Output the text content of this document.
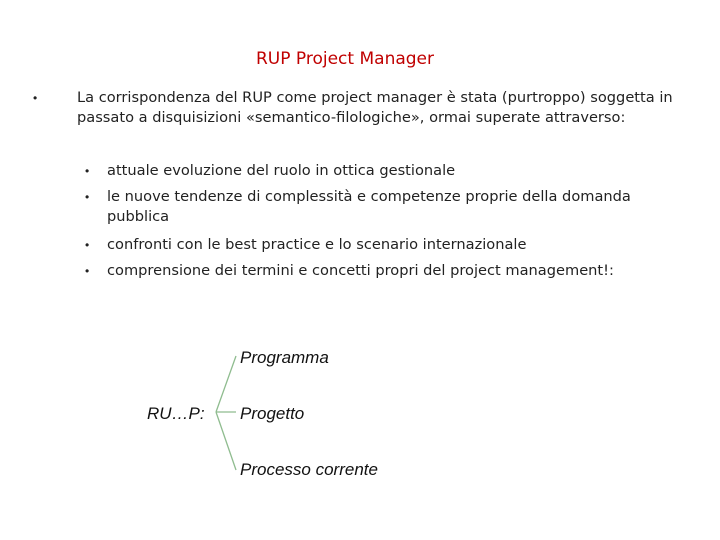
RUP Project Manager
•	La corrispondenza del RUP come project manager è stata (purtroppo) soggetta in passato a disquisizioni «semantico-filologiche», ormai superate attraverso:
• attuale evoluzione del ruolo in ottica gestionale
• le nuove tendenze di complessità e competenze proprie della domanda pubblica
• confronti con le best practice e lo scenario internazionale
• comprensione dei termini e concetti propri del project management!:
RU…P:
Programma
Progetto
Processo corrente
